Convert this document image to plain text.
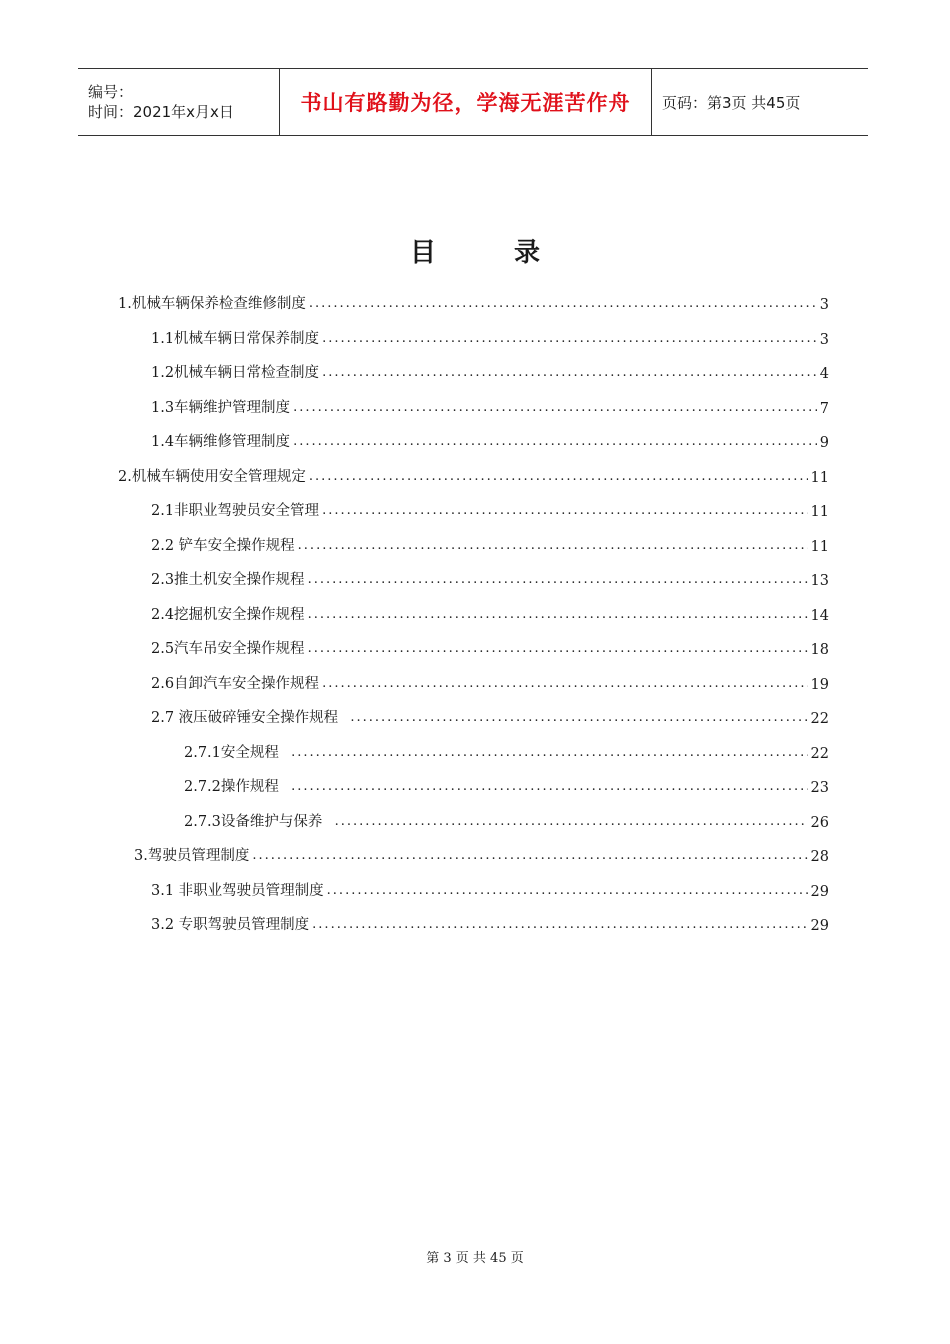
编号：
时间：2021年x月x日	书山有路勤为径，学海无涯苦作舟 页码：第3页 共45页
目	录
1.机械车辆保养检查维修制度 .....	3
1.1机械车辆日常保养制度 .....	3
1.2机械车辆日常检查制度 .....	4
1.3车辆维护管理制度 .....	7
1.4车辆维修管理制度 .....	9
2.机械车辆使用安全管理规定 .....	11
2.1非职业驾驶员安全管理 .....	11
2.2 铲车安全操作规程 .....	11
2.3推土机安全操作规程 .....	13
2.4挖掘机安全操作规程 .....	14
2.5汽车吊安全操作规程 .....	18
2.6自卸汽车安全操作规程 .....	19
2.7 液压破碎锤安全操作规程 .....	22
2.7.1安全规程 .....	22
2.7.2操作规程 .....	23
2.7.3设备维护与保养 .....	26
3.驾驶员管理制度 .....	28
3.1 非职业驾驶员管理制度 .....	29
3.2 专职驾驶员管理制度 .....	29
第 3 页 共 45 页
